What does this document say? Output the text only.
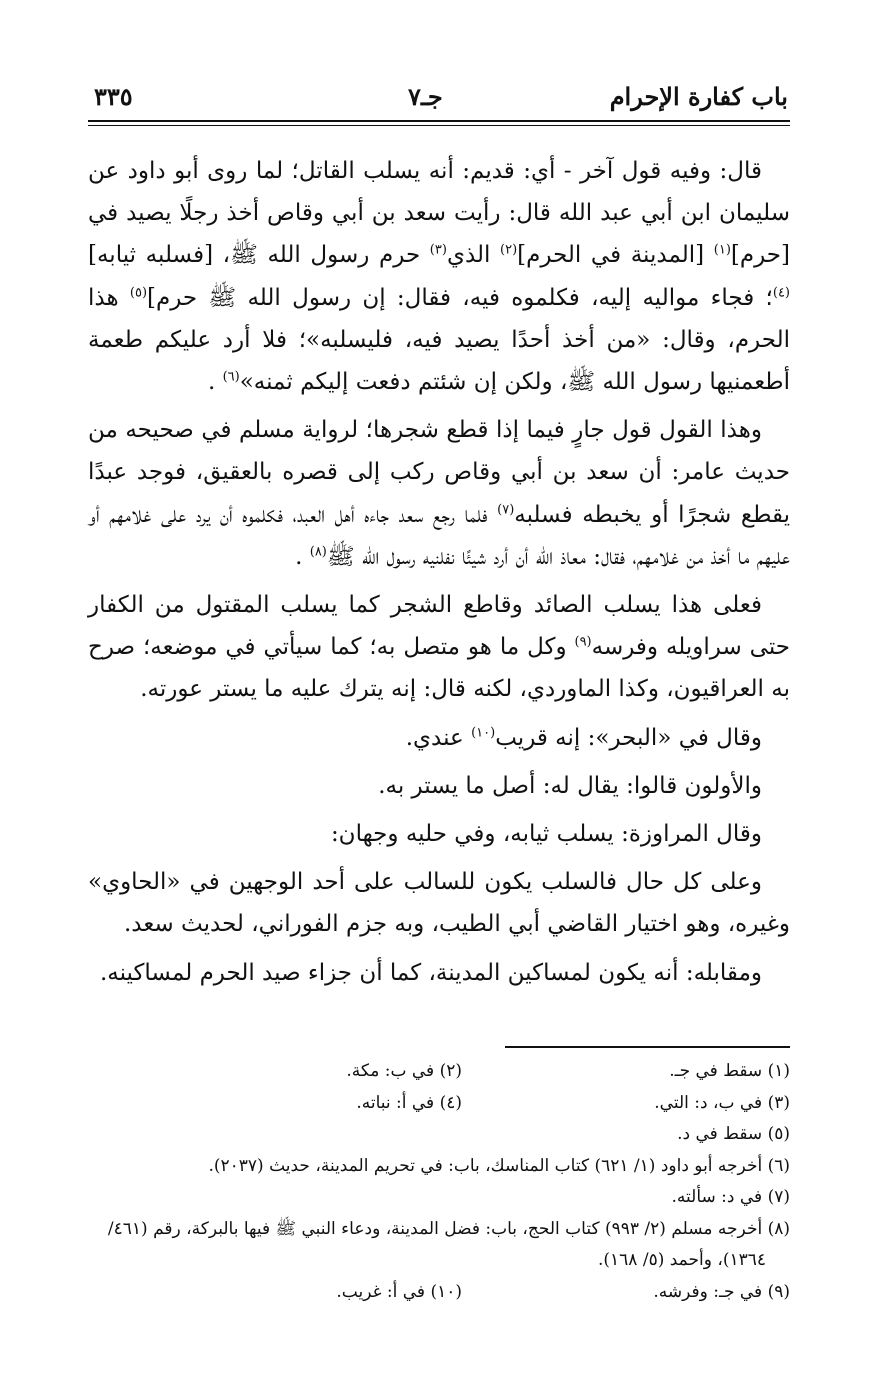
باب كفارة الإحرام
جـ٧
٣٣٥

قال: وفيه قول آخر - أي: قديم: أنه يسلب القاتل؛ لما روى أبو داود عن سليمان ابن أبي عبد الله قال: رأيت سعد بن أبي وقاص أخذ رجلًا يصيد في [حرم]$^{(١)}$ [المدينة في الحرم]$^{(٢)}$ الذي$^{(٣)}$ حرم رسول الله ﷺ، [فسلبه ثيابه]$^{(٤)}$؛ فجاء مواليه إليه، فكلموه فيه، فقال: إن رسول الله ﷺ حرم]$^{(٥)}$ هذا الحرم، وقال: «من أخذ أحدًا يصيد فيه، فليسلبه»؛ فلا أرد عليكم طعمة أطعمنيها رسول الله ﷺ، ولكن إن شئتم دفعت إليكم ثمنه»$^{(٦)}$ .

وهذا القول قول جارٍ فيما إذا قطع شجرها؛ لرواية مسلم في صحيحه من حديث عامر: أن سعد بن أبي وقاص ركب إلى قصره بالعقيق، فوجد عبدًا يقطع شجرًا أو يخبطه فسلبه$^{(٧)}$ فلما رجع سعد جاءه أهل العبد، فكلموه أن يرد على غلامهم أو عليهم ما أخذ من غلامهم، فقال: معاذ الله أن أرد شيئًا نفلنيه رسول الله ﷺ$^{(٨)}$ .

فعلى هذا يسلب الصائد وقاطع الشجر كما يسلب المقتول من الكفار حتى سراويله وفرسه$^{(٩)}$ وكل ما هو متصل به؛ كما سيأتي في موضعه؛ صرح به العراقيون، وكذا الماوردي، لكنه قال: إنه يترك عليه ما يستر عورته.

وقال في «البحر»: إنه قريب$^{(١٠)}$ عندي.

والأولون قالوا: يقال له: أصل ما يستر به.

وقال المراوزة: يسلب ثيابه، وفي حليه وجهان:

وعلى كل حال فالسلب يكون للسالب على أحد الوجهين في «الحاوي» وغيره، وهو اختيار القاضي أبي الطيب، وبه جزم الفوراني، لحديث سعد.

ومقابله: أنه يكون لمساكين المدينة، كما أن جزاء صيد الحرم لمساكينه.

(١) سقط في جـ.
(٢) في ب: مكة.
(٣) في ب، د: التي.
(٤) في أ: نباته.
(٥) سقط في د.
(٦) أخرجه أبو داود (١/ ٦٢١) كتاب المناسك، باب: في تحريم المدينة، حديث (٢٠٣٧).
(٧) في د: سألته.
(٨) أخرجه مسلم (٢/ ٩٩٣) كتاب الحج، باب: فضل المدينة، ودعاء النبي ﷺ فيها بالبركة، رقم (٤٦١/ ١٣٦٤)، وأحمد (٥/ ١٦٨).
(٩) في جـ: وفرشه.
(١٠) في أ: غريب.
